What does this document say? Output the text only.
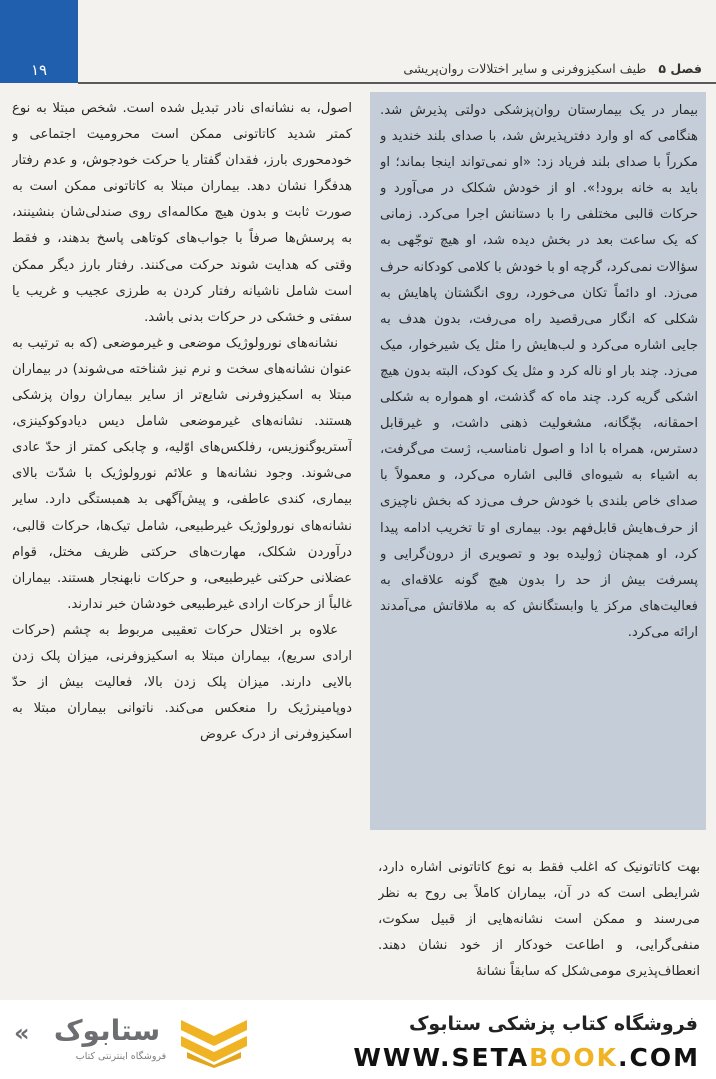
۱۹	فصل ۵ طیف اسکیزوفرنی و سایر اختلالات روان‌پریشی

اصول، به نشانه‌ای نادر تبدیل شده است. شخص مبتلا به نوع کمتر شدید کاتاتونی ممکن است محرومیت اجتماعی و خودمحوری بارز، فقدان گفتار یا حرکت خودجوش، و عدم رفتار هدفگرا نشان دهد. بیماران مبتلا به کاتاتونی ممکن است به صورت ثابت و بدون هیچ مکالمه‌ای روی صندلی‌شان بنشینند، به پرسش‌ها صرفاً با جواب‌های کوتاهی پاسخ بدهند، و فقط وقتی که هدایت شوند حرکت می‌کنند. رفتار بارز دیگر ممکن است شامل ناشیانه رفتار کردن به طرزی عجیب و غریب یا سفتی و خشکی در حرکات بدنی باشد.

نشانه‌های نورولوژیک موضعی و غیرموضعی (که به ترتیب به عنوان نشانه‌های سخت و نرم نیز شناخته می‌شوند) در بیماران مبتلا به اسکیزوفرنی شایع‌تر از سایر بیماران روان پزشکی هستند. نشانه‌های غیرموضعی شامل دیس دیادوکوکینزی، آستریوگنوزیس، رفلکس‌های اوّلیه، و چابکی کمتر از حدّ عادی می‌شوند. وجود نشانه‌ها و علائم نورولوژیک با شدّت بالای بیماری، کندی عاطفی، و پیش‌آگهی بد همبستگی دارد. سایر نشانه‌های نورولوژیک غیرطبیعی، شامل تیک‌ها، حرکات قالبی، درآوردن شکلک، مهارت‌های حرکتی ظریف مختل، قوام عضلانی حرکتی غیرطبیعی، و حرکات نابهنجار هستند. بیماران غالباً از حرکات ارادی غیرطبیعی خودشان خبر ندارند.

علاوه بر اختلال حرکات تعقیبی مربوط به چشم (حرکات ارادی سریع)، بیماران مبتلا به اسکیزوفرنی، میزان پلک زدن بالایی دارند. میزان پلک زدن بالا، فعالیت بیش از حدّ دوپامینرژیک را منعکس می‌کند. ناتوانی بیماران مبتلا به اسکیزوفرنی از درک عروض

بیمار در یک بیمارستان روان‌پزشکی دولتی پذیرش شد. هنگامی که او وارد دفترپذیرش شد، با صدای بلند خندید و مکرراً با صدای بلند فریاد زد: «او نمی‌تواند اینجا بماند؛ او باید به خانه برود!». او از خودش شکلک در می‌آورد و حرکات قالبی مختلفی را با دستانش اجرا می‌کرد. زمانی که یک ساعت بعد در بخش دیده شد، او هیچ توجّهی به سؤالات نمی‌کرد، گرچه او با خودش با کلامی کودکانه حرف می‌زد. او دائماً تکان می‌خورد، روی انگشتان پاهایش به شکلی که انگار می‌رقصید راه می‌رفت، بدون هدف به جایی اشاره می‌کرد و لب‌هایش را مثل یک شیرخوار، میک می‌زد. چند بار او ناله کرد و مثل یک کودک، البته بدون هیچ اشکی گریه کرد. چند ماه که گذشت، او همواره به شکلی احمقانه، بچّگانه، مشغولیت ذهنی داشت، و غیرقابل دسترس، همراه با ادا و اصول نامناسب، ژست می‌گرفت، به اشیاء به شیوه‌ای قالبی اشاره می‌کرد، و معمولاً با صدای خاص بلندی با خودش حرف می‌زد که بخش ناچیزی از حرف‌هایش قابل‌فهم بود. بیماری او تا تخریب ادامه پیدا کرد، او همچنان ژولیده بود و تصویری از درون‌گرایی و پسرفت بیش از حد را بدون هیچ گونه علاقه‌ای به فعالیت‌های مرکز یا وابستگانش که به ملاقاتش می‌آمدند ارائه می‌کرد.

بهت کاتاتونیک که اغلب فقط به نوع کاتاتونی اشاره دارد، شرایطی است که در آن، بیماران کاملاً بی روح به نظر می‌رسند و ممکن است نشانه‌هایی از قبیل سکوت، منفی‌گرایی، و اطاعت خودکار از خود نشان دهند. انعطاف‌پذیری مومی‌شکل که سابقاً نشانهٔ

« ستابوک
فروشگاه اینترنتی کتاب
فروشگاه کتاب پزشکی ستابوک
WWW.SETABOOK.COM
